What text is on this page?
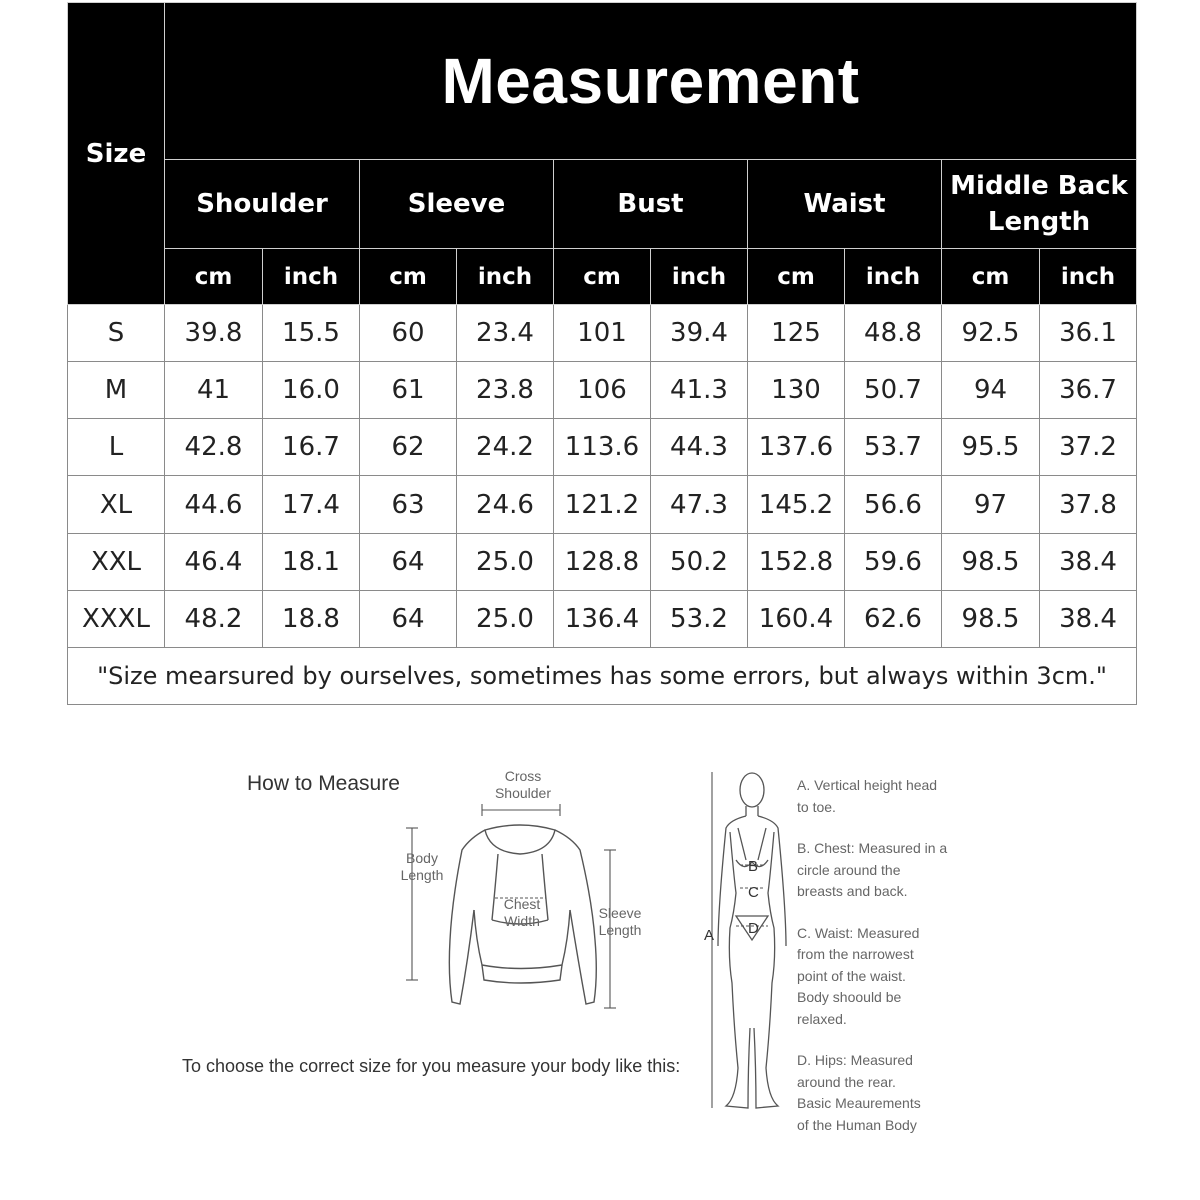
Size	Measurement									
	Shoulder		Sleeve		Bust		Waist		Middle Back Length	
	cm	inch	cm	inch	cm	inch	cm	inch	cm	inch
S	39.8	15.5	60	23.4	101	39.4	125	48.8	92.5	36.1
M	41	16.0	61	23.8	106	41.3	130	50.7	94	36.7
L	42.8	16.7	62	24.2	113.6	44.3	137.6	53.7	95.5	37.2
XL	44.6	17.4	63	24.6	121.2	47.3	145.2	56.6	97	37.8
XXL	46.4	18.1	64	25.0	128.8	50.2	152.8	59.6	98.5	38.4
XXXL	48.2	18.8	64	25.0	136.4	53.2	160.4	62.6	98.5	38.4
"Size mearsured by ourselves, sometimes has some errors, but always within 3cm."										
How to Measure	Cross
Shoulder
Body
Length
Chest
Width	Sleeve
Length
To choose the correct size for you measure your body like this:
A
B
C
D
A. Vertical height head
to toe.
B. Chest: Measured in a
circle around the
breasts and back.
C. Waist: Measured
from the narrowest
point of the waist.
Body shoould be
relaxed.
D. Hips: Measured
around the rear.
Basic Meaurements
of the Human Body
